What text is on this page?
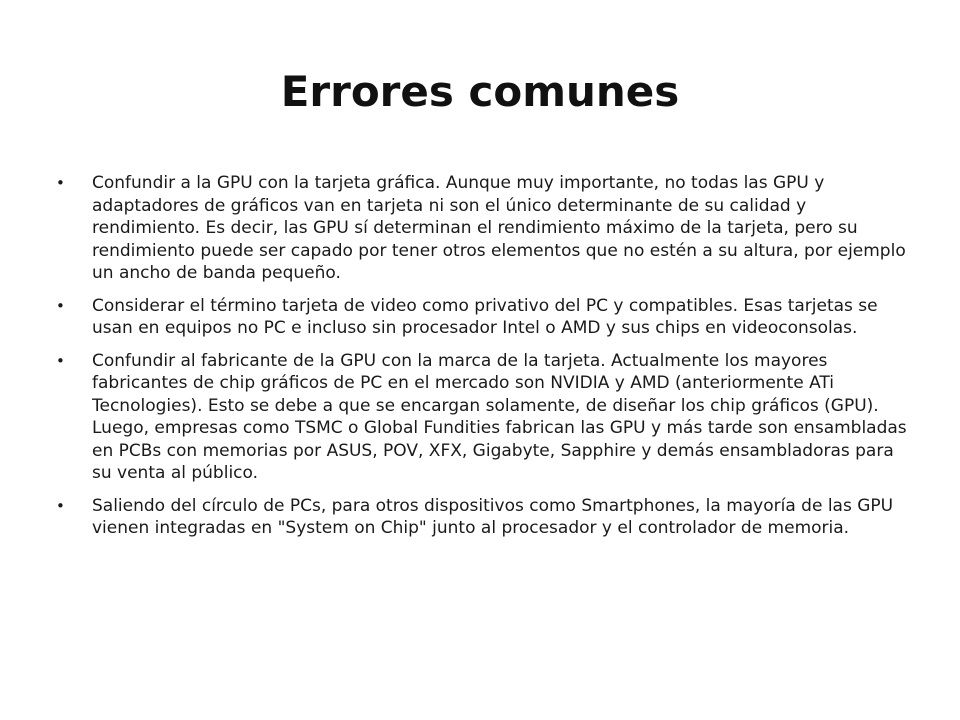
Errores comunes
• Confundir a la GPU con la tarjeta gráfica. Aunque muy importante, no todas las GPU y adaptadores de gráficos van en tarjeta ni son el único determinante de su calidad y rendimiento. Es decir, las GPU sí determinan el rendimiento máximo de la tarjeta, pero su rendimiento puede ser capado por tener otros elementos que no estén a su altura, por ejemplo un ancho de banda pequeño.
• Considerar el término tarjeta de video como privativo del PC y compatibles. Esas tarjetas se usan en equipos no PC e incluso sin procesador Intel o AMD y sus chips en videoconsolas.
• Confundir al fabricante de la GPU con la marca de la tarjeta. Actualmente los mayores fabricantes de chip gráficos de PC en el mercado son NVIDIA y AMD (anteriormente ATi Tecnologies). Esto se debe a que se encargan solamente, de diseñar los chip gráficos (GPU). Luego, empresas como TSMC o Global Fundities fabrican las GPU y más tarde son ensambladas en PCBs con memorias por ASUS, POV, XFX, Gigabyte, Sapphire y demás ensambladoras para su venta al público.
• Saliendo del círculo de PCs, para otros dispositivos como Smartphones, la mayoría de las GPU vienen integradas en "System on Chip" junto al procesador y el controlador de memoria.
